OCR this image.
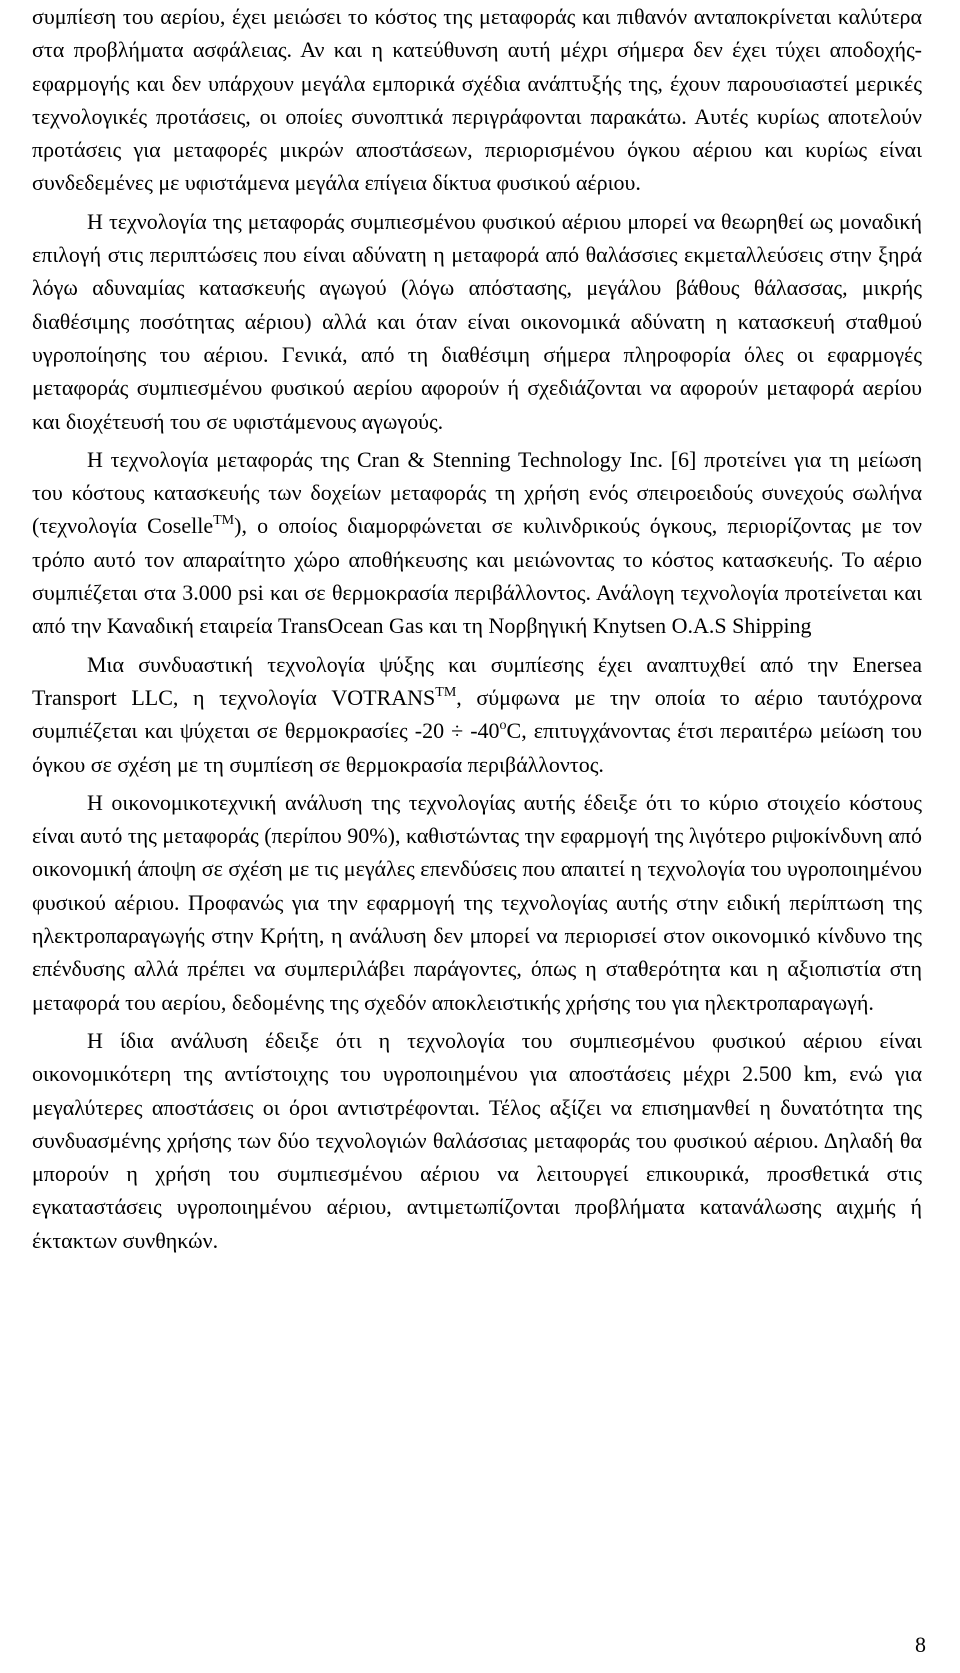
συμπίεση του αερίου, έχει μειώσει το κόστος της μεταφοράς και πιθανόν ανταποκρίνεται καλύτερα στα προβλήματα ασφάλειας. Αν και η κατεύθυνση αυτή μέχρι σήμερα δεν έχει τύχει αποδοχής-εφαρμογής και δεν υπάρχουν μεγάλα εμπορικά σχέδια ανάπτυξής της, έχουν παρουσιαστεί μερικές τεχνολογικές προτάσεις, οι οποίες συνοπτικά περιγράφονται παρακάτω. Αυτές κυρίως αποτελούν προτάσεις για μεταφορές μικρών αποστάσεων, περιορισμένου όγκου αέριου και κυρίως είναι συνδεδεμένες με υφιστάμενα μεγάλα επίγεια δίκτυα φυσικού αέριου.

Η τεχνολογία της μεταφοράς συμπιεσμένου φυσικού αέριου μπορεί να θεωρηθεί ως μοναδική επιλογή στις περιπτώσεις που είναι αδύνατη η μεταφορά από θαλάσσιες εκμεταλλεύσεις στην ξηρά λόγω αδυναμίας κατασκευής αγωγού (λόγω απόστασης, μεγάλου βάθους θάλασσας, μικρής διαθέσιμης ποσότητας αέριου) αλλά και όταν είναι οικονομικά αδύνατη η κατασκευή σταθμού υγροποίησης του αέριου. Γενικά, από τη διαθέσιμη σήμερα πληροφορία όλες οι εφαρμογές μεταφοράς συμπιεσμένου φυσικού αερίου αφορούν ή σχεδιάζονται να αφορούν μεταφορά αερίου και διοχέτευσή του σε υφιστάμενους αγωγούς.

Η τεχνολογία μεταφοράς της Cran & Stenning Technology Inc. [6] προτείνει για τη μείωση του κόστους κατασκευής των δοχείων μεταφοράς τη χρήση ενός σπειροειδούς συνεχούς σωλήνα (τεχνολογία Coselle™), ο οποίος διαμορφώνεται σε κυλινδρικούς όγκους, περιορίζοντας με τον τρόπο αυτό τον απαραίτητο χώρο αποθήκευσης και μειώνοντας το κόστος κατασκευής. Το αέριο συμπιέζεται στα 3.000 psi και σε θερμοκρασία περιβάλλοντος. Ανάλογη τεχνολογία προτείνεται και από την Καναδική εταιρεία TransOcean Gas και τη Νορβηγική Knytsen O.A.S Shipping

Μια συνδυαστική τεχνολογία ψύξης και συμπίεσης έχει αναπτυχθεί από την Enersea Transport LLC, η τεχνολογία VOTRANS™, σύμφωνα με την οποία το αέριο ταυτόχρονα συμπιέζεται και ψύχεται σε θερμοκρασίες $-20 \div -40^oC$, επιτυγχάνοντας έτσι περαιτέρω μείωση του όγκου σε σχέση με τη συμπίεση σε θερμοκρασία περιβάλλοντος.

Η οικονομικοτεχνική ανάλυση της τεχνολογίας αυτής έδειξε ότι το κύριο στοιχείο κόστους είναι αυτό της μεταφοράς (περίπου 90%), καθιστώντας την εφαρμογή της λιγότερο ριψοκίνδυνη από οικονομική άποψη σε σχέση με τις μεγάλες επενδύσεις που απαιτεί η τεχνολογία του υγροποιημένου φυσικού αέριου. Προφανώς για την εφαρμογή της τεχνολογίας αυτής στην ειδική περίπτωση της ηλεκτροπαραγωγής στην Κρήτη, η ανάλυση δεν μπορεί να περιορισεί στον οικονομικό κίνδυνο της επένδυσης αλλά πρέπει να συμπεριλάβει παράγοντες, όπως η σταθερότητα και η αξιοπιστία στη μεταφορά του αερίου, δεδομένης της σχεδόν αποκλειστικής χρήσης του για ηλεκτροπαραγωγή.

Η ίδια ανάλυση έδειξε ότι η τεχνολογία του συμπιεσμένου φυσικού αέριου είναι οικονομικότερη της αντίστοιχης του υγροποιημένου για αποστάσεις μέχρι 2.500 km, ενώ για μεγαλύτερες αποστάσεις οι όροι αντιστρέφονται. Τέλος αξίζει να επισημανθεί η δυνατότητα της συνδυασμένης χρήσης των δύο τεχνολογιών θαλάσσιας μεταφοράς του φυσικού αέριου. Δηλαδή θα μπορούν η χρήση του συμπιεσμένου αέριου να λειτουργεί επικουρικά, προσθετικά στις εγκαταστάσεις υγροποιημένου αέριου, αντιμετωπίζονται προβλήματα κατανάλωσης αιχμής ή έκτακτων συνθηκών.

8
